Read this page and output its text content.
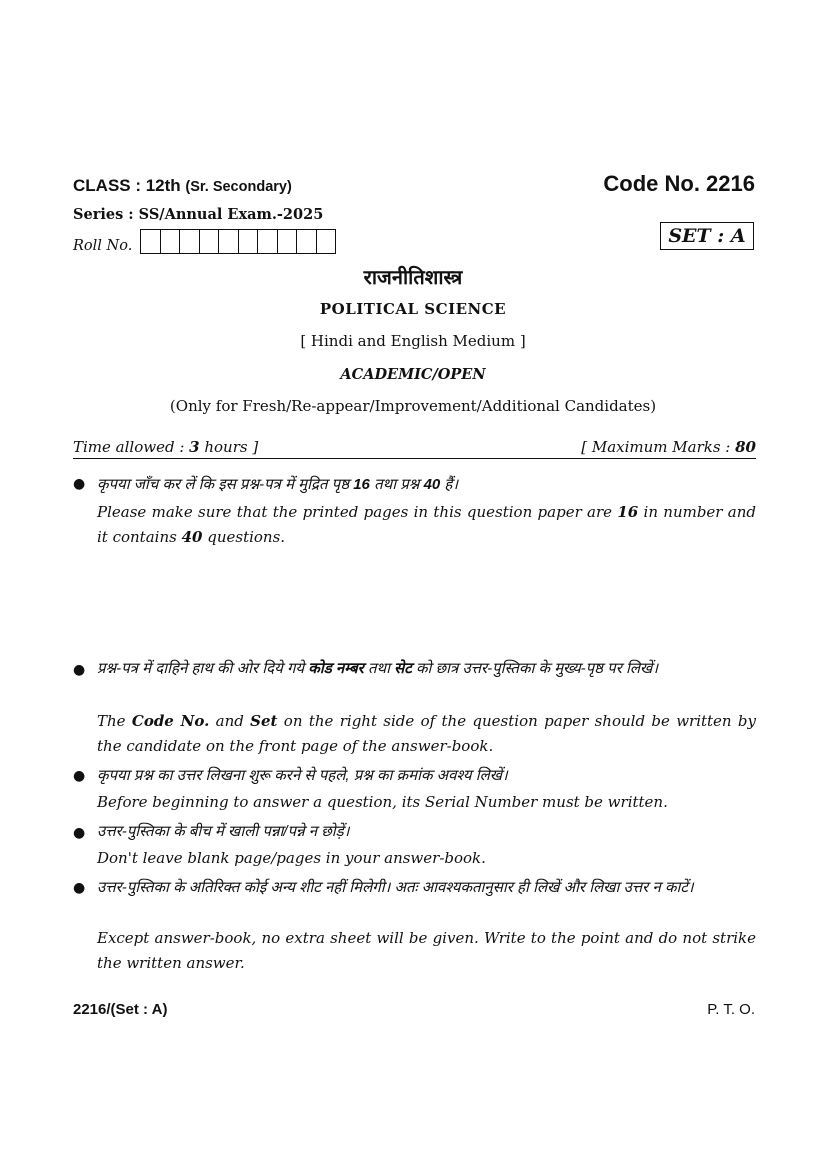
CLASS : 12th (Sr. Secondary)	Code No. 2216
Series : SS/Annual Exam.-2025
SET : A
Roll No.
राजनीतिशास्त्र
POLITICAL SCIENCE
[ Hindi and English Medium ]
ACADEMIC/OPEN
(Only for Fresh/Re-appear/Improvement/Additional Candidates)
Time allowed : 3 hours ]	[ Maximum Marks : 80
● कृपया जाँच कर लें कि इस प्रश्न-पत्र में मुद्रित पृष्ठ 16 तथा प्रश्न 40 हैं।
Please make sure that the printed pages in this question paper are 16 in number and it contains 40 questions.
● प्रश्न-पत्र में दाहिने हाथ की ओर दिये गये कोड नम्बर तथा सेट को छात्र उत्तर-पुस्तिका के मुख्य-पृष्ठ पर लिखें।
The Code No. and Set on the right side of the question paper should be written by the candidate on the front page of the answer-book.
● कृपया प्रश्न का उत्तर लिखना शुरू करने से पहले, प्रश्न का क्रमांक अवश्य लिखें।
Before beginning to answer a question, its Serial Number must be written.
● उत्तर-पुस्तिका के बीच में खाली पन्ना/पन्ने न छोड़ें।
Don't leave blank page/pages in your answer-book.
● उत्तर-पुस्तिका के अतिरिक्त कोई अन्य शीट नहीं मिलेगी। अतः आवश्यकतानुसार ही लिखें और लिखा उत्तर न काटें।
Except answer-book, no extra sheet will be given. Write to the point and do not strike the written answer.
2216/(Set : A)	P. T. O.
